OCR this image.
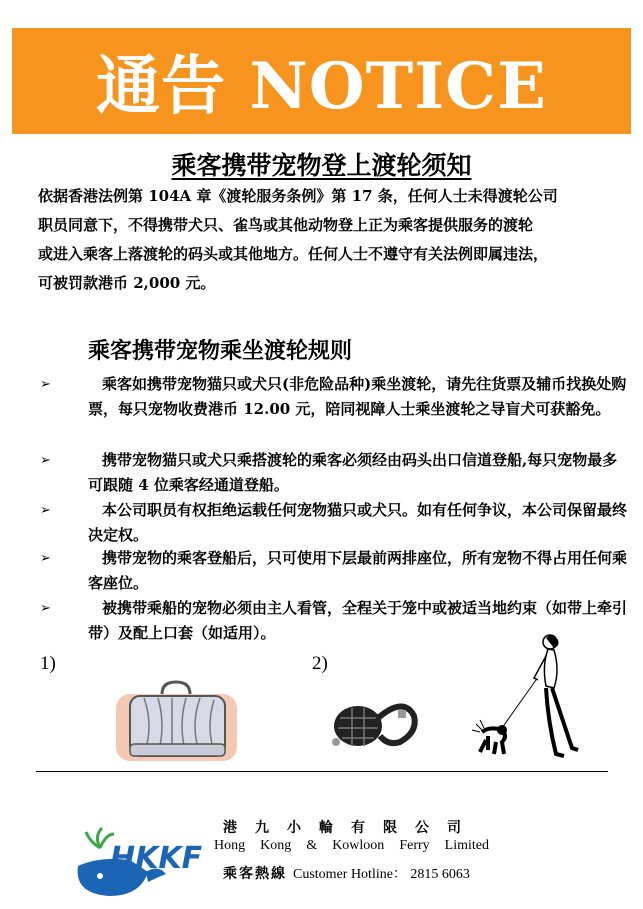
通告 NOTICE
乘客携带宠物登上渡轮须知
依据香港法例第 104A 章《渡轮服务条例》第 17 条，任何人士未得渡轮公司
职员同意下，不得携带犬只、雀鸟或其他动物登上正为乘客提供服务的渡轮
或进入乘客上落渡轮的码头或其他地方。任何人士不遵守有关法例即属违法，
可被罚款港币 2,000 元。
乘客携带宠物乘坐渡轮规则
➢	乘客如携带宠物猫只或犬只(非危险品种)乘坐渡轮，请先往货票及辅币找换处购票，每只宠物收费港币 12.00 元，陪同视障人士乘坐渡轮之导盲犬可获豁免。
➢	携带宠物猫只或犬只乘搭渡轮的乘客必须经由码头出口信道登船,每只宠物最多可跟随 4 位乘客经通道登船。
➢	本公司职员有权拒绝运载任何宠物猫只或犬只。如有任何争议，本公司保留最终决定权。
➢	携带宠物的乘客登船后，只可使用下层最前两排座位，所有宠物不得占用任何乘客座位。
➢	被携带乘船的宠物必须由主人看管，全程关于笼中或被适当地约束（如带上牵引带）及配上口套（如适用）。
1)	2)
HKKF
港九小輪有限公司
Hong Kong & Kowloon Ferry Limited
乘客熱線 Customer Hotline： 2815 6063
